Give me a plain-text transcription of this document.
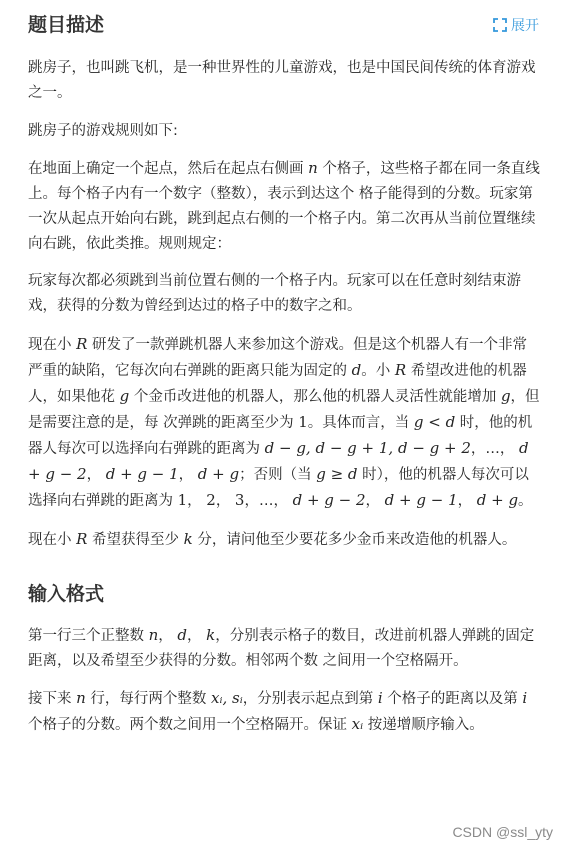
题目描述	展开

跳房子，也叫跳飞机，是一种世界性的儿童游戏，也是中国民间传统的体育游戏之一。

跳房子的游戏规则如下:

在地面上确定一个起点，然后在起点右侧画 n 个格子，这些格子都在同一条直线上。每个格子内有一个数字（整数），表示到达这个 格子能得到的分数。玩家第一次从起点开始向右跳，跳到起点右侧的一个格子内。第二次再从当前位置继续向右跳，依此类推。规则规定：

玩家每次都必须跳到当前位置右侧的一个格子内。玩家可以在任意时刻结束游戏，获得的分数为曾经到达过的格子中的数字之和。

现在小 R 研发了一款弹跳机器人来参加这个游戏。但是这个机器人有一个非常严重的缺陷，它每次向右弹跳的距离只能为固定的 d。小 R 希望改进他的机器人，如果他花 g 个金币改进他的机器人，那么他的机器人灵活性就能增加 g，但是需要注意的是，每 次弹跳的距离至少为 1。具体而言，当 g < d 时，他的机器人每次可以选择向右弹跳的距离为 d − g, d − g + 1, d − g + 2，…， d + g − 2， d + g − 1， d + g；否则（当 g ≥ d 时），他的机器人每次可以选择向右弹跳的距离为 1， 2， 3，…， d + g − 2， d + g − 1， d + g。

现在小 R 希望获得至少 k 分，请问他至少要花多少金币来改造他的机器人。

输入格式

第一行三个正整数 n， d， k，分别表示格子的数目，改进前机器人弹跳的固定距离，以及希望至少获得的分数。相邻两个数 之间用一个空格隔开。

接下来 n 行，每行两个整数 xᵢ, sᵢ，分别表示起点到第 i 个格子的距离以及第 i 个格子的分数。两个数之间用一个空格隔开。保证 xᵢ 按递增顺序输入。

CSDN @ssl_yty
